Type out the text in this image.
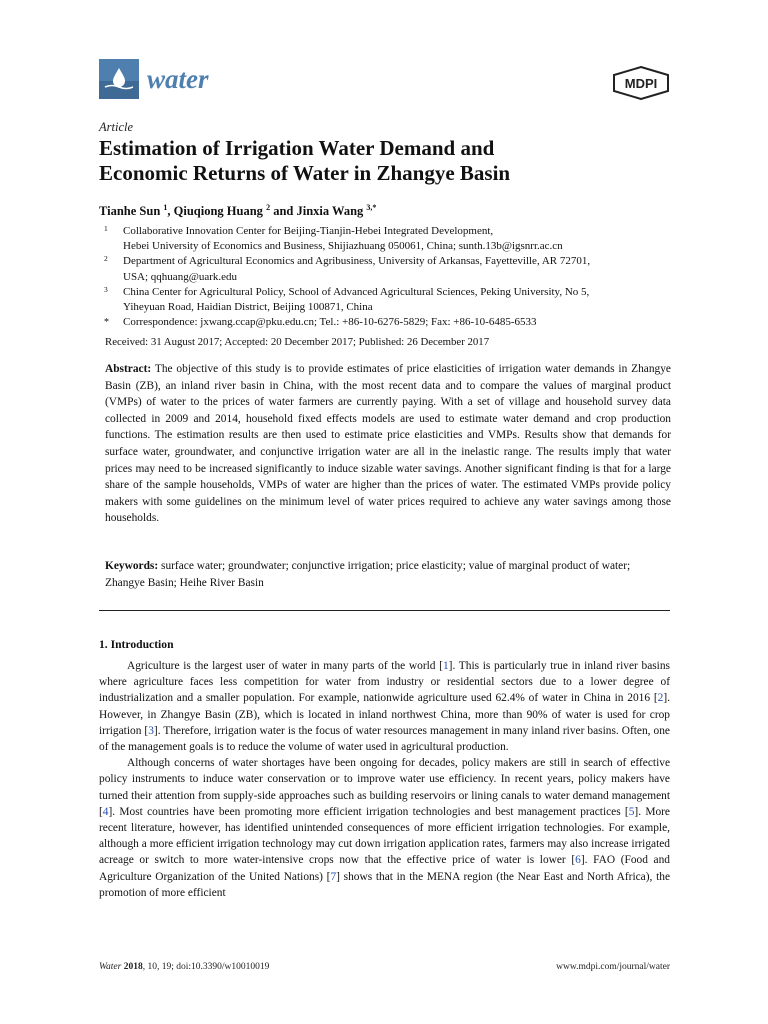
water	MDPI
Article
Estimation of Irrigation Water Demand and
Economic Returns of Water in Zhangye Basin
Tianhe Sun $^1$, Qiuqiong Huang $^2$ and Jinxia Wang $^{3,*}$
1 Collaborative Innovation Center for Beijing-Tianjin-Hebei Integrated Development,
Hebei University of Economics and Business, Shijiazhuang 050061, China; sunth.13b@igsnrr.ac.cn
2 Department of Agricultural Economics and Agribusiness, University of Arkansas, Fayetteville, AR 72701,
USA; qqhuang@uark.edu
3 China Center for Agricultural Policy, School of Advanced Agricultural Sciences, Peking University, No 5,
Yiheyuan Road, Haidian District, Beijing 100871, China
* Correspondence: jxwang.ccap@pku.edu.cn; Tel.: +86-10-6276-5829; Fax: +86-10-6485-6533
Received: 31 August 2017; Accepted: 20 December 2017; Published: 26 December 2017

Abstract: The objective of this study is to provide estimates of price elasticities of irrigation water demands in Zhangye Basin (ZB), an inland river basin in China, with the most recent data and to compare the values of marginal product (VMPs) of water to the prices of water farmers are currently paying. With a set of village and household survey data collected in 2009 and 2014, household fixed effects models are used to estimate water demand and crop production functions. The estimation results are then used to estimate price elasticities and VMPs. Results show that demands for surface water, groundwater, and conjunctive irrigation water are all in the inelastic range. The results imply that water prices may need to be increased significantly to induce sizable water savings. Another significant finding is that for a large share of the sample households, VMPs of water are higher than the prices of water. The estimated VMPs provide policy makers with some guidelines on the minimum level of water prices required to achieve any water savings among those households.

Keywords: surface water; groundwater; conjunctive irrigation; price elasticity; value of marginal product of water; Zhangye Basin; Heihe River Basin

1. Introduction

Agriculture is the largest user of water in many parts of the world [1]. This is particularly true in inland river basins where agriculture faces less competition for water from industry or residential sectors due to a lower degree of industrialization and a smaller population. For example, nationwide agriculture used 62.4% of water in China in 2016 [2]. However, in Zhangye Basin (ZB), which is located in inland northwest China, more than 90% of water is used for crop irrigation [3]. Therefore, irrigation water is the focus of water resources management in many inland river basins. Often, one of the management goals is to reduce the volume of water used in agricultural production.

Although concerns of water shortages have been ongoing for decades, policy makers are still in search of effective policy instruments to induce water conservation or to improve water use efficiency. In recent years, policy makers have turned their attention from supply-side approaches such as building reservoirs or lining canals to water demand management [4]. Most countries have been promoting more efficient irrigation technologies and best management practices [5]. More recent literature, however, has identified unintended consequences of more efficient irrigation technologies. For example, although a more efficient irrigation technology may cut down irrigation application rates, farmers may also increase irrigated acreage or switch to more water-intensive crops now that the effective price of water is lower [6]. FAO (Food and Agriculture Organization of the United Nations) [7] shows that in the MENA region (the Near East and North Africa), the promotion of more efficient

Water 2018, 10, 19; doi:10.3390/w10010019	www.mdpi.com/journal/water
